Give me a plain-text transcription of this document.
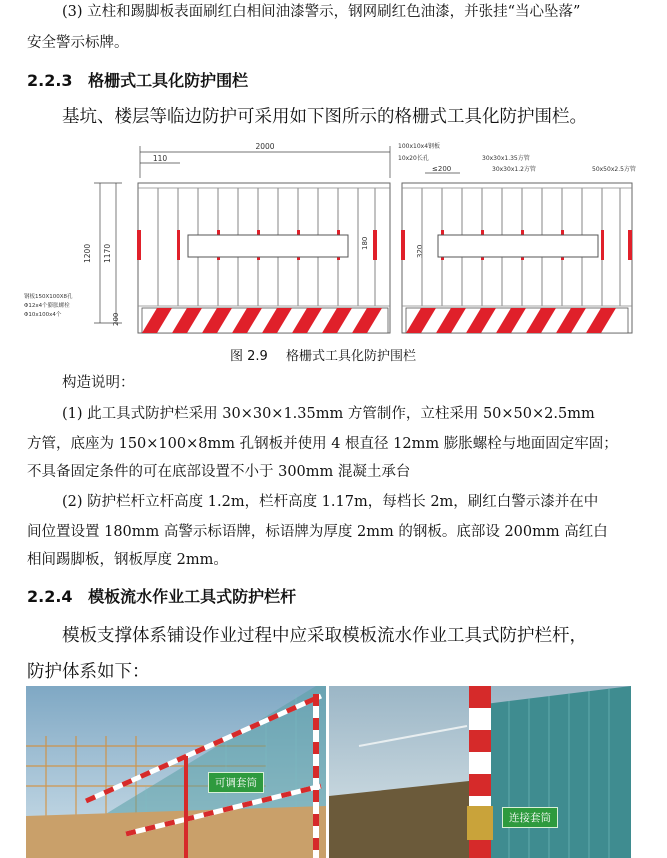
(3) 立柱和踢脚板表面刷红白相间油漆警示，钢网刷红色油漆，并张挂“当心坠落”
安全警示标牌。
2.2.3 格栅式工具化防护围栏
基坑、楼层等临边防护可采用如下图所示的格栅式工具化防护围栏。
2000
110
1200 1170
200
180
320
≤200
100x10x4钢板
10x20长孔	30x30x1.35方管
30x30x1.2方管	50x50x2.5方管
钢板150X100X8孔
Φ12x4个膨胀螺栓
Φ10x100x4个
图 2.9 格栅式工具化防护围栏
构造说明：
(1) 此工具式防护栏采用 30×30×1.35mm 方管制作，立柱采用 50×50×2.5mm
方管，底座为 150×100×8mm 孔钢板并使用 4 根直径 12mm 膨胀螺栓与地面固定牢固；
不具备固定条件的可在底部设置不小于 300mm 混凝土承台
(2) 防护栏杆立杆高度 1.2m，栏杆高度 1.17m，每档长 2m，刷红白警示漆并在中
间位置设置 180mm 高警示标语牌，标语牌为厚度 2mm 的钢板。底部设 200mm 高红白
相间踢脚板，钢板厚度 2mm。
2.2.4 模板流水作业工具式防护栏杆
模板支撑体系铺设作业过程中应采取模板流水作业工具式防护栏杆，
防护体系如下：
可调套筒
连接套筒
